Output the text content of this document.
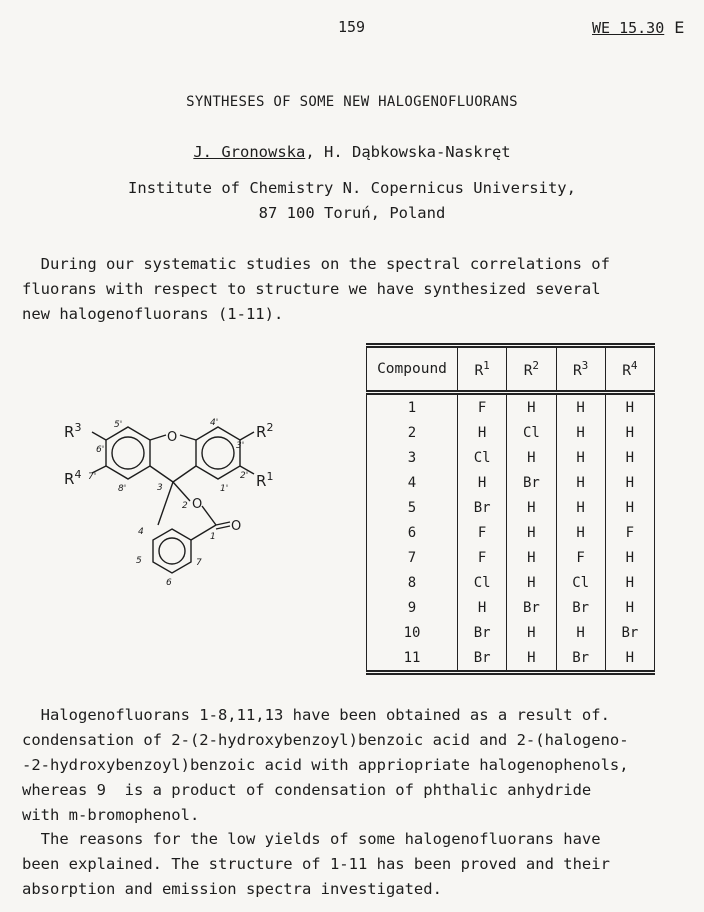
159	WE 15.30 E
SYNTHESES OF SOME NEW HALOGENOFLUORANS
J. Gronowska, H. Dąbkowska-Naskręt
Institute of Chemistry N. Copernicus University,
87 100 Toruń, Poland
During our systematic studies on the spectral correlations of
fluorans with respect to structure we have synthesized several
new halogenofluorans (1-11).
O
O
O
$R^3$
$R^4$
$R^2$
$R^1$
5'
6'
7'
8'
4'
3'
2'
1'
3
2
1
4
5
6
7
Compound	$R^1$	$R^2$	$R^3$	$R^4$
1	F	H	H	H
2	H	Cl	H	H
3	Cl	H	H	H
4	H	Br	H	H
5	Br	H	H	H
6	F	H	H	F
7	F	H	F	H
8	Cl	H	Cl	H
9	H	Br	Br	H
10	Br	H	H	Br
11	Br	H	Br	H
Halogenofluorans 1-8,11,13 have been obtained as a result of.
condensation of 2-(2-hydroxybenzoyl)benzoic acid and 2-(halogeno-
-2-hydroxybenzoyl)benzoic acid with appriopriate halogenophenols,
whereas 9  is a product of condensation of phthalic anhydride
with m-bromophenol.
The reasons for the low yields of some halogenofluorans have
been explained. The structure of 1-11 has been proved and their
absorption and emission spectra investigated.
